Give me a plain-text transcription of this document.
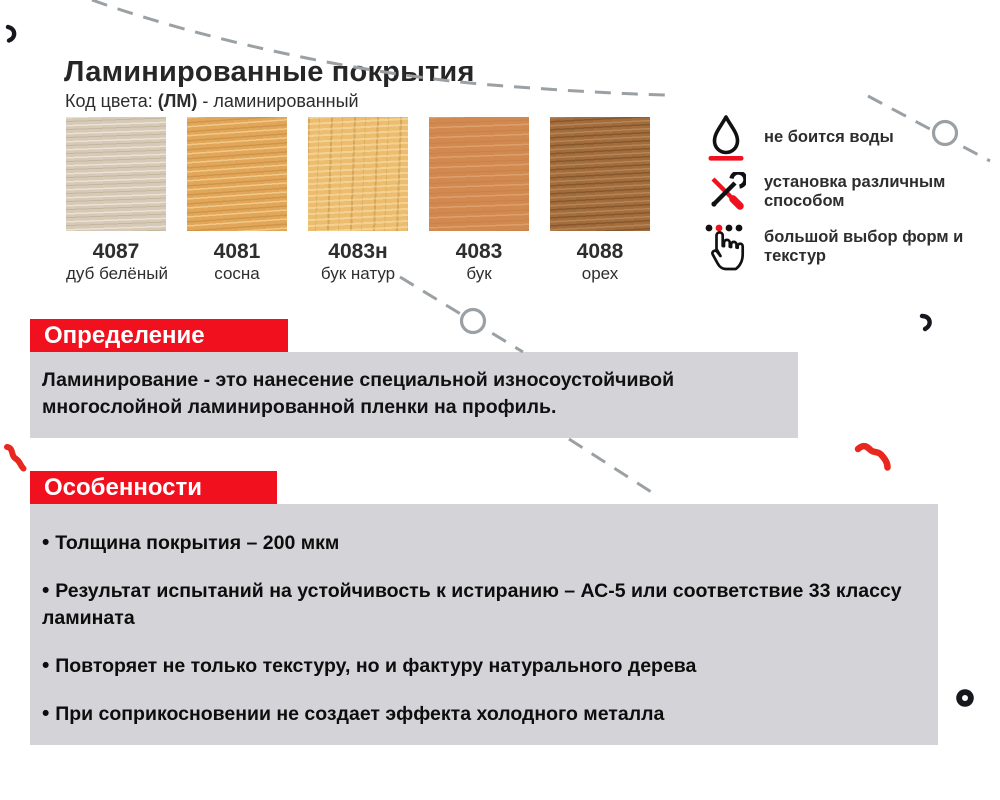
Ламинированные покрытия
Код цвета: (ЛМ) - ламинированный
4087
дуб белёный
4081
сосна
4083н
бук натур
4083
бук
4088
орех
не боится воды
установка различным способом
большой выбор форм и текстур
Определение
Ламинирование - это нанесение специальной износоустойчивой многослойной ламинированной пленки на профиль.
Особенности
• Толщина покрытия – 200 мкм
• Результат испытаний на устойчивость к истиранию – АС-5 или соответствие 33 классу ламината
• Повторяет не только текстуру, но и фактуру натурального дерева
• При соприкосновении не создает эффекта холодного металла
